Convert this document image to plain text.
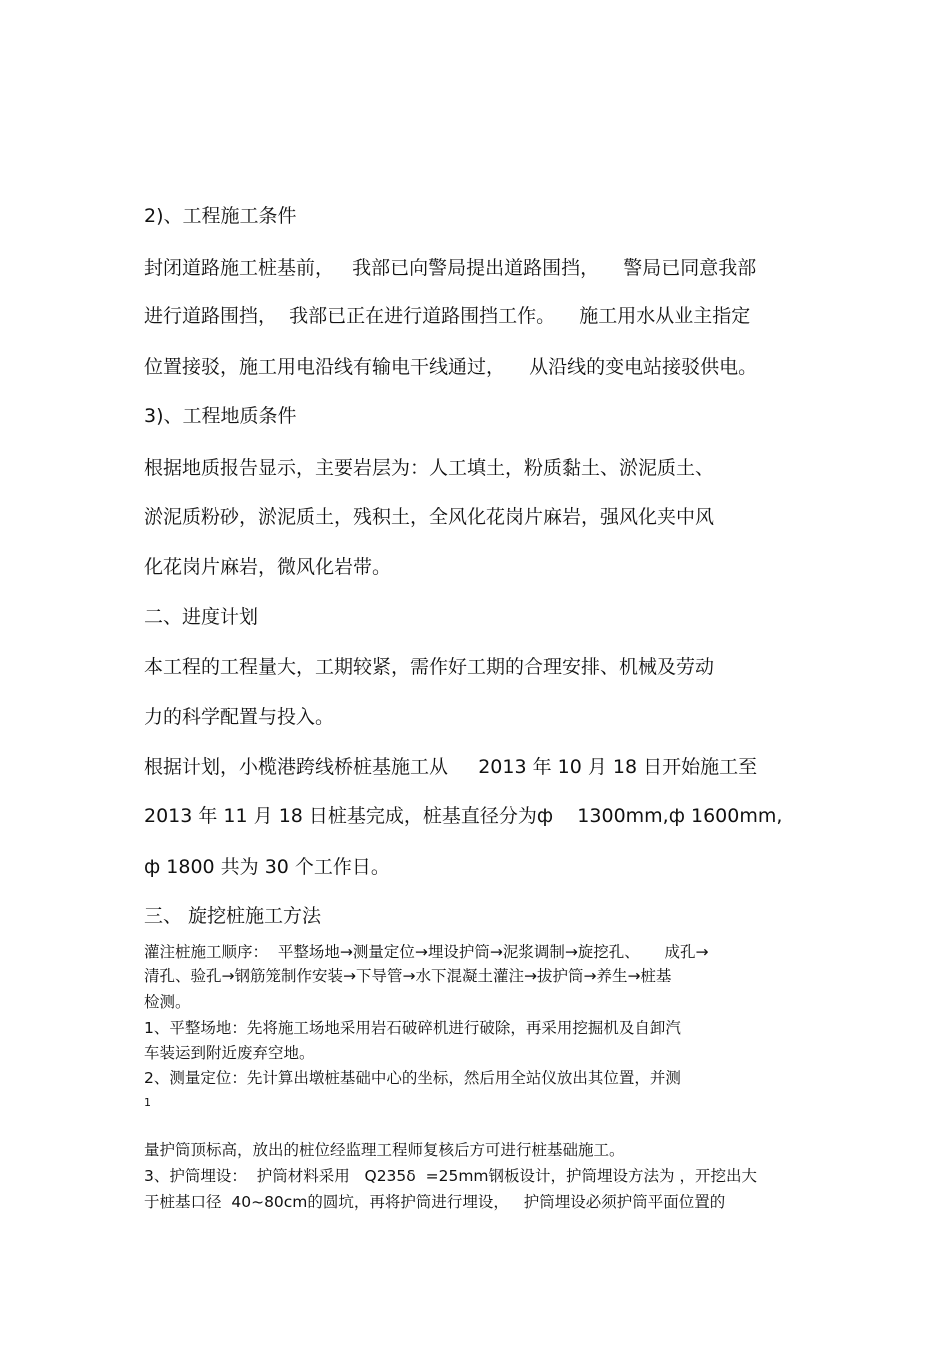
2)、工程施工条件

封闭道路施工桩基前，   我部已向警局提出道路围挡，    警局已同意我部

进行道路围挡，  我部已正在进行道路围挡工作。    施工用水从业主指定

位置接驳，施工用电沿线有输电干线通过，    从沿线的变电站接驳供电。

3)、工程地质条件

根据地质报告显示，主要岩层为：人工填土，粉质黏土、淤泥质土、

淤泥质粉砂，淤泥质土，残积土，全风化花岗片麻岩，强风化夹中风

化花岗片麻岩，微风化岩带。

二、进度计划

本工程的工程量大，工期较紧，需作好工期的合理安排、机械及劳动

力的科学配置与投入。

根据计划，小榄港跨线桥桩基施工从     2013 年 10 月 18 日开始施工至

2013 年 11 月 18 日桩基完成，桩基直径分为ф    1300mm,ф 1600mm,

ф 1800 共为 30 个工作日。

三、 旋挖桩施工方法

灌注桩施工顺序：  平整场地→测量定位→埋设护筒→泥浆调制→旋挖孔、     成孔→

清孔、验孔→钢筋笼制作安装→下导管→水下混凝土灌注→拔护筒→养生→桩基

检测。

1、平整场地：先将施工场地采用岩石破碎机进行破除，再采用挖掘机及自卸汽

车装运到附近废弃空地。

2、测量定位：先计算出墩桩基础中心的坐标，然后用全站仪放出其位置，并测

1

量护筒顶标高，放出的桩位经监理工程师复核后方可进行桩基础施工。

3、护筒埋设：  护筒材料采用   Q235δ  =25mm钢板设计，护筒埋设方法为 ，开挖出大

于桩基口径  40~80cm的圆坑，再将护筒进行埋设，   护筒埋设必须护筒平面位置的
